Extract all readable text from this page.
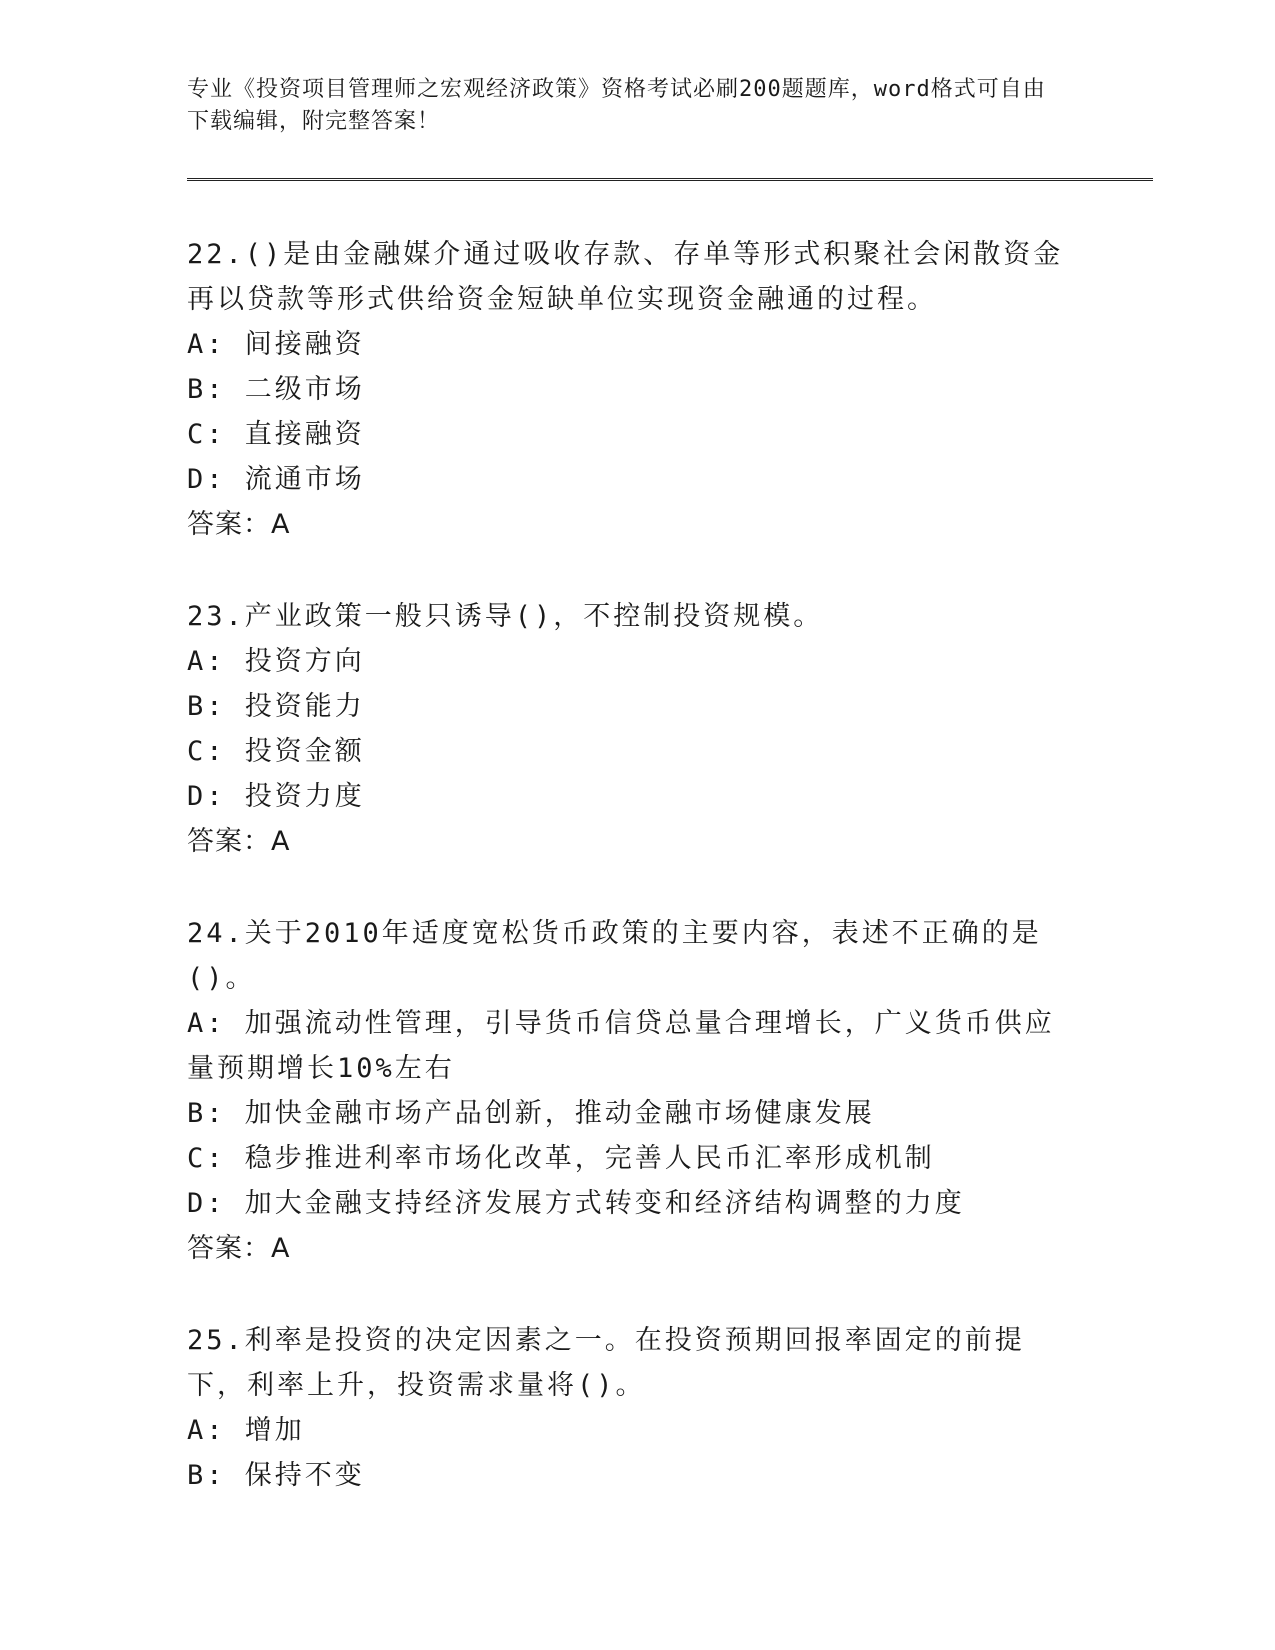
专业《投资项目管理师之宏观经济政策》资格考试必刷200题题库，word格式可自由下载编辑，附完整答案！
22.()是由金融媒介通过吸收存款、存单等形式积聚社会闲散资金再以贷款等形式供给资金短缺单位实现资金融通的过程。
A: 间接融资
B: 二级市场
C: 直接融资
D: 流通市场
答案：A
23.产业政策一般只诱导()，不控制投资规模。
A: 投资方向
B: 投资能力
C: 投资金额
D: 投资力度
答案：A
24.关于2010年适度宽松货币政策的主要内容，表述不正确的是()。
A: 加强流动性管理，引导货币信贷总量合理增长，广义货币供应量预期增长10%左右
B: 加快金融市场产品创新，推动金融市场健康发展
C: 稳步推进利率市场化改革，完善人民币汇率形成机制
D: 加大金融支持经济发展方式转变和经济结构调整的力度
答案：A
25.利率是投资的决定因素之一。在投资预期回报率固定的前提下，利率上升，投资需求量将()。
A: 增加
B: 保持不变
